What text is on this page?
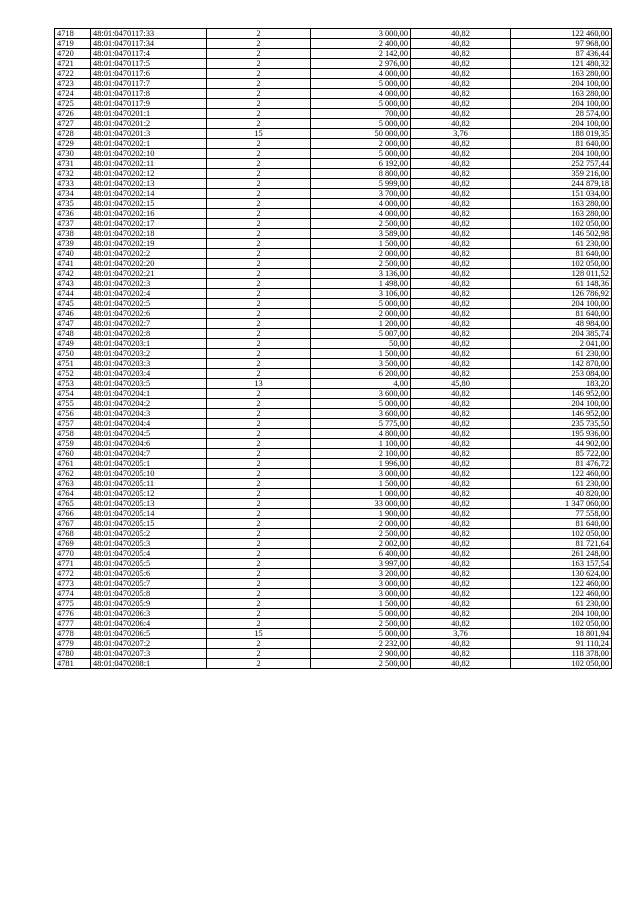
4718	48:01:0470117:33	2	3 000,00	40,82	122 460,00
4719	48:01:0470117:34	2	2 400,00	40,82	97 968,00
4720	48:01:0470117:4	2	2 142,00	40,82	87 436,44
4721	48:01:0470117:5	2	2 976,00	40,82	121 480,32
4722	48:01:0470117:6	2	4 000,00	40,82	163 280,00
4723	48:01:0470117:7	2	5 000,00	40,82	204 100,00
4724	48:01:0470117:8	2	4 000,00	40,82	163 280,00
4725	48:01:0470117:9	2	5 000,00	40,82	204 100,00
4726	48:01:0470201:1	2	700,00	40,82	28 574,00
4727	48:01:0470201:2	2	5 000,00	40,82	204 100,00
4728	48:01:0470201:3	15	50 000,00	3,76	188 019,35
4729	48:01:0470202:1	2	2 000,00	40,82	81 640,00
4730	48:01:0470202:10	2	5 000,00	40,82	204 100,00
4731	48:01:0470202:11	2	6 192,00	40,82	252 757,44
4732	48:01:0470202:12	2	8 800,00	40,82	359 216,00
4733	48:01:0470202:13	2	5 999,00	40,82	244 879,18
4734	48:01:0470202:14	2	3 700,00	40,82	151 034,00
4735	48:01:0470202:15	2	4 000,00	40,82	163 280,00
4736	48:01:0470202:16	2	4 000,00	40,82	163 280,00
4737	48:01:0470202:17	2	2 500,00	40,82	102 050,00
4738	48:01:0470202:18	2	3 589,00	40,82	146 502,98
4739	48:01:0470202:19	2	1 500,00	40,82	61 230,00
4740	48:01:0470202:2	2	2 000,00	40,82	81 640,00
4741	48:01:0470202:20	2	2 500,00	40,82	102 050,00
4742	48:01:0470202:21	2	3 136,00	40,82	128 011,52
4743	48:01:0470202:3	2	1 498,00	40,82	61 148,36
4744	48:01:0470202:4	2	3 106,00	40,82	126 786,92
4745	48:01:0470202:5	2	5 000,00	40,82	204 100,00
4746	48:01:0470202:6	2	2 000,00	40,82	81 640,00
4747	48:01:0470202:7	2	1 200,00	40,82	48 984,00
4748	48:01:0470202:8	2	5 007,00	40,82	204 385,74
4749	48:01:0470203:1	2	50,00	40,82	2 041,00
4750	48:01:0470203:2	2	1 500,00	40,82	61 230,00
4751	48:01:0470203:3	2	3 500,00	40,82	142 870,00
4752	48:01:0470203:4	2	6 200,00	40,82	253 084,00
4753	48:01:0470203:5	13	4,00	45,80	183,20
4754	48:01:0470204:1	2	3 600,00	40,82	146 952,00
4755	48:01:0470204:2	2	5 000,00	40,82	204 100,00
4756	48:01:0470204:3	2	3 600,00	40,82	146 952,00
4757	48:01:0470204:4	2	5 775,00	40,82	235 735,50
4758	48:01:0470204:5	2	4 800,00	40,82	195 936,00
4759	48:01:0470204:6	2	1 100,00	40,82	44 902,00
4760	48:01:0470204:7	2	2 100,00	40,82	85 722,00
4761	48:01:0470205:1	2	1 996,00	40,82	81 476,72
4762	48:01:0470205:10	2	3 000,00	40,82	122 460,00
4763	48:01:0470205:11	2	1 500,00	40,82	61 230,00
4764	48:01:0470205:12	2	1 000,00	40,82	40 820,00
4765	48:01:0470205:13	2	33 000,00	40,82	1 347 060,00
4766	48:01:0470205:14	2	1 900,00	40,82	77 558,00
4767	48:01:0470205:15	2	2 000,00	40,82	81 640,00
4768	48:01:0470205:2	2	2 500,00	40,82	102 050,00
4769	48:01:0470205:3	2	2 002,00	40,82	81 721,64
4770	48:01:0470205:4	2	6 400,00	40,82	261 248,00
4771	48:01:0470205:5	2	3 997,00	40,82	163 157,54
4772	48:01:0470205:6	2	3 200,00	40,82	130 624,00
4773	48:01:0470205:7	2	3 000,00	40,82	122 460,00
4774	48:01:0470205:8	2	3 000,00	40,82	122 460,00
4775	48:01:0470205:9	2	1 500,00	40,82	61 230,00
4776	48:01:0470206:3	2	5 000,00	40,82	204 100,00
4777	48:01:0470206:4	2	2 500,00	40,82	102 050,00
4778	48:01:0470206:5	15	5 000,00	3,76	18 801,94
4779	48:01:0470207:2	2	2 232,00	40,82	91 110,24
4780	48:01:0470207:3	2	2 900,00	40,82	118 378,00
4781	48:01:0470208:1	2	2 500,00	40,82	102 050,00
